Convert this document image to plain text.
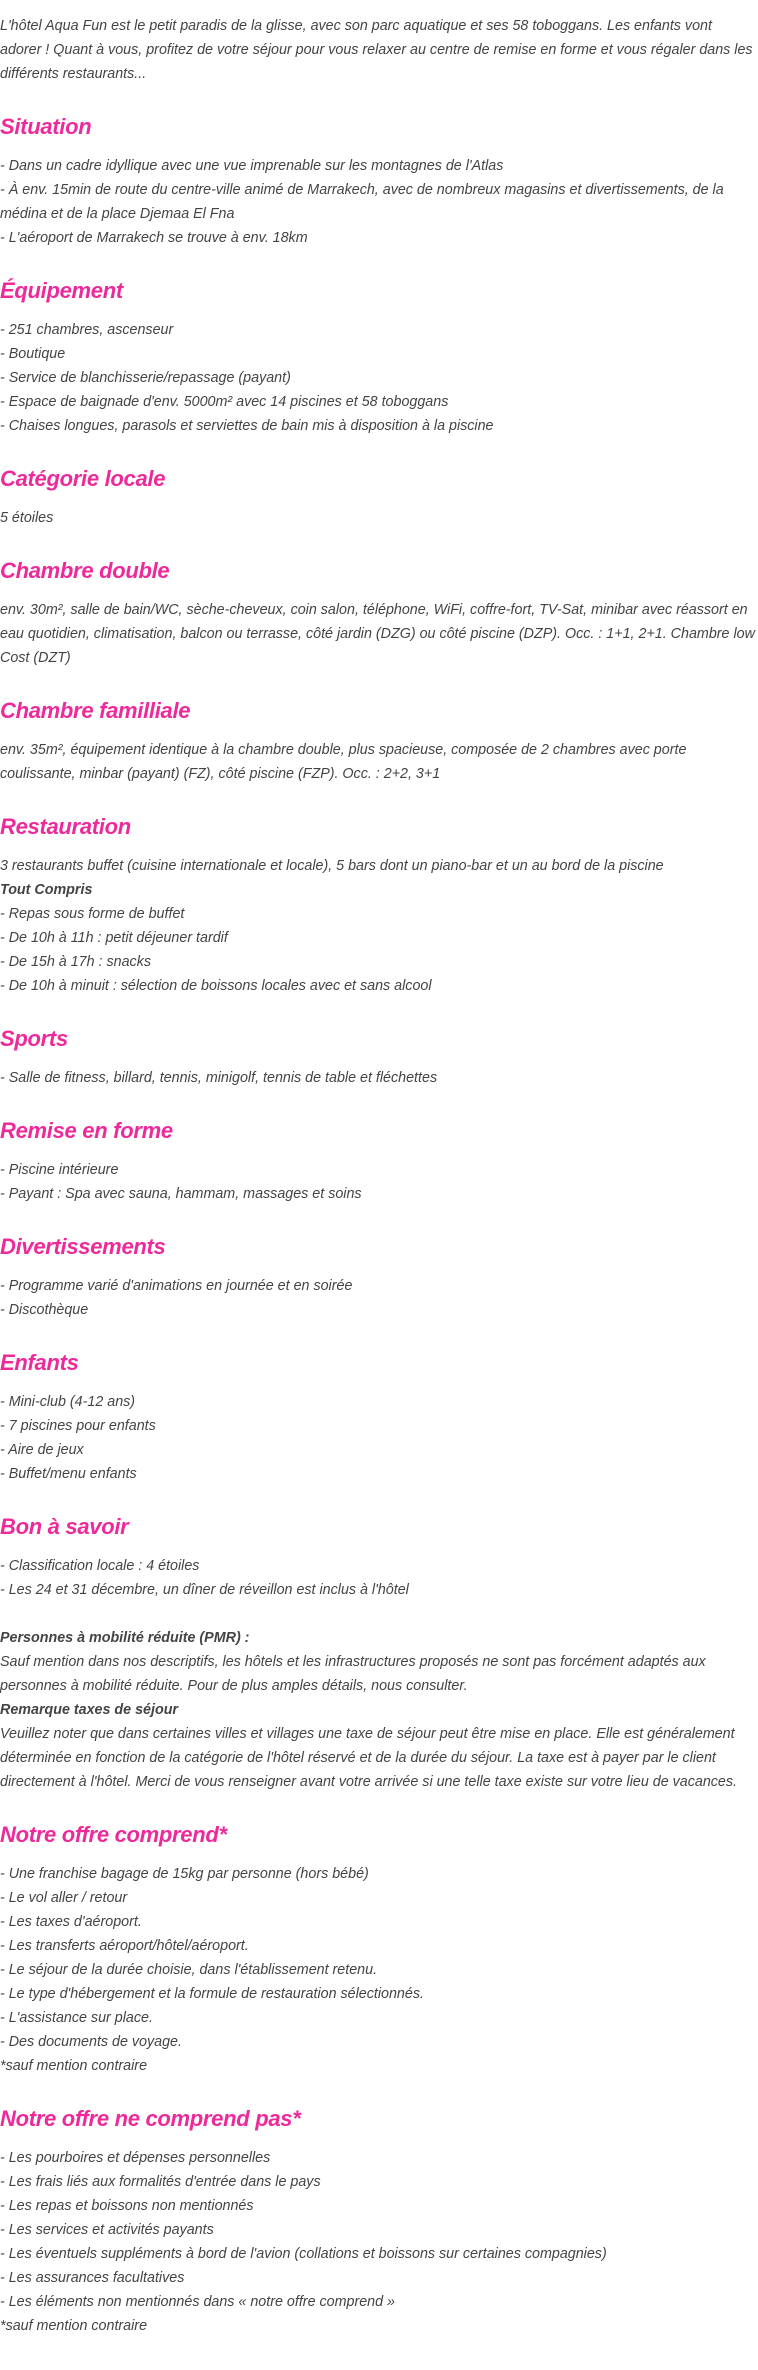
L'hôtel Aqua Fun est le petit paradis de la glisse, avec son parc aquatique et ses 58 toboggans. Les enfants vont adorer ! Quant à vous, profitez de votre séjour pour vous relaxer au centre de remise en forme et vous régaler dans les différents restaurants...

Situation
- Dans un cadre idyllique avec une vue imprenable sur les montagnes de l'Atlas
- À env. 15min de route du centre-ville animé de Marrakech, avec de nombreux magasins et divertissements, de la médina et de la place Djemaa El Fna
- L'aéroport de Marrakech se trouve à env. 18km
Équipement
- 251 chambres, ascenseur
- Boutique
- Service de blanchisserie/repassage (payant)
- Espace de baignade d'env. 5000m² avec 14 piscines et 58 toboggans
- Chaises longues, parasols et serviettes de bain mis à disposition à la piscine
Catégorie locale
5 étoiles
Chambre double
env. 30m², salle de bain/WC, sèche-cheveux, coin salon, téléphone, WiFi, coffre-fort, TV-Sat, minibar avec réassort en eau quotidien, climatisation, balcon ou terrasse, côté jardin (DZG) ou côté piscine (DZP). Occ. : 1+1, 2+1. Chambre low Cost (DZT)
Chambre familliale
env. 35m², équipement identique à la chambre double, plus spacieuse, composée de 2 chambres avec porte coulissante, minbar (payant) (FZ), côté piscine (FZP). Occ. : 2+2, 3+1
Restauration
3 restaurants buffet (cuisine internationale et locale), 5 bars dont un piano-bar et un au bord de la piscine
Tout Compris
- Repas sous forme de buffet
- De 10h à 11h : petit déjeuner tardif
- De 15h à 17h : snacks
- De 10h à minuit : sélection de boissons locales avec et sans alcool
Sports
- Salle de fitness, billard, tennis, minigolf, tennis de table et fléchettes
Remise en forme
- Piscine intérieure
- Payant : Spa avec sauna, hammam, massages et soins
Divertissements
- Programme varié d'animations en journée et en soirée
- Discothèque
Enfants
- Mini-club (4-12 ans)
- 7 piscines pour enfants
- Aire de jeux
- Buffet/menu enfants
Bon à savoir
- Classification locale : 4 étoiles
- Les 24 et 31 décembre, un dîner de réveillon est inclus à l'hôtel
Personnes à mobilité réduite (PMR) :
Sauf mention dans nos descriptifs, les hôtels et les infrastructures proposés ne sont pas forcément adaptés aux personnes à mobilité réduite. Pour de plus amples détails, nous consulter.
Remarque taxes de séjour
Veuillez noter que dans certaines villes et villages une taxe de séjour peut être mise en place. Elle est généralement déterminée en fonction de la catégorie de l'hôtel réservé et de la durée du séjour. La taxe est à payer par le client directement à l'hôtel. Merci de vous renseigner avant votre arrivée si une telle taxe existe sur votre lieu de vacances.
Notre offre comprend*
- Une franchise bagage de 15kg par personne (hors bébé)
- Le vol aller / retour
- Les taxes d'aéroport.
- Les transferts aéroport/hôtel/aéroport.
- Le séjour de la durée choisie, dans l'établissement retenu.
- Le type d'hébergement et la formule de restauration sélectionnés.
- L'assistance sur place.
- Des documents de voyage.
*sauf mention contraire
Notre offre ne comprend pas*
- Les pourboires et dépenses personnelles
- Les frais liés aux formalités d'entrée dans le pays
- Les repas et boissons non mentionnés
- Les services et activités payants
- Les éventuels suppléments à bord de l'avion (collations et boissons sur certaines compagnies)
- Les assurances facultatives
- Les éléments non mentionnés dans « notre offre comprend »
*sauf mention contraire
